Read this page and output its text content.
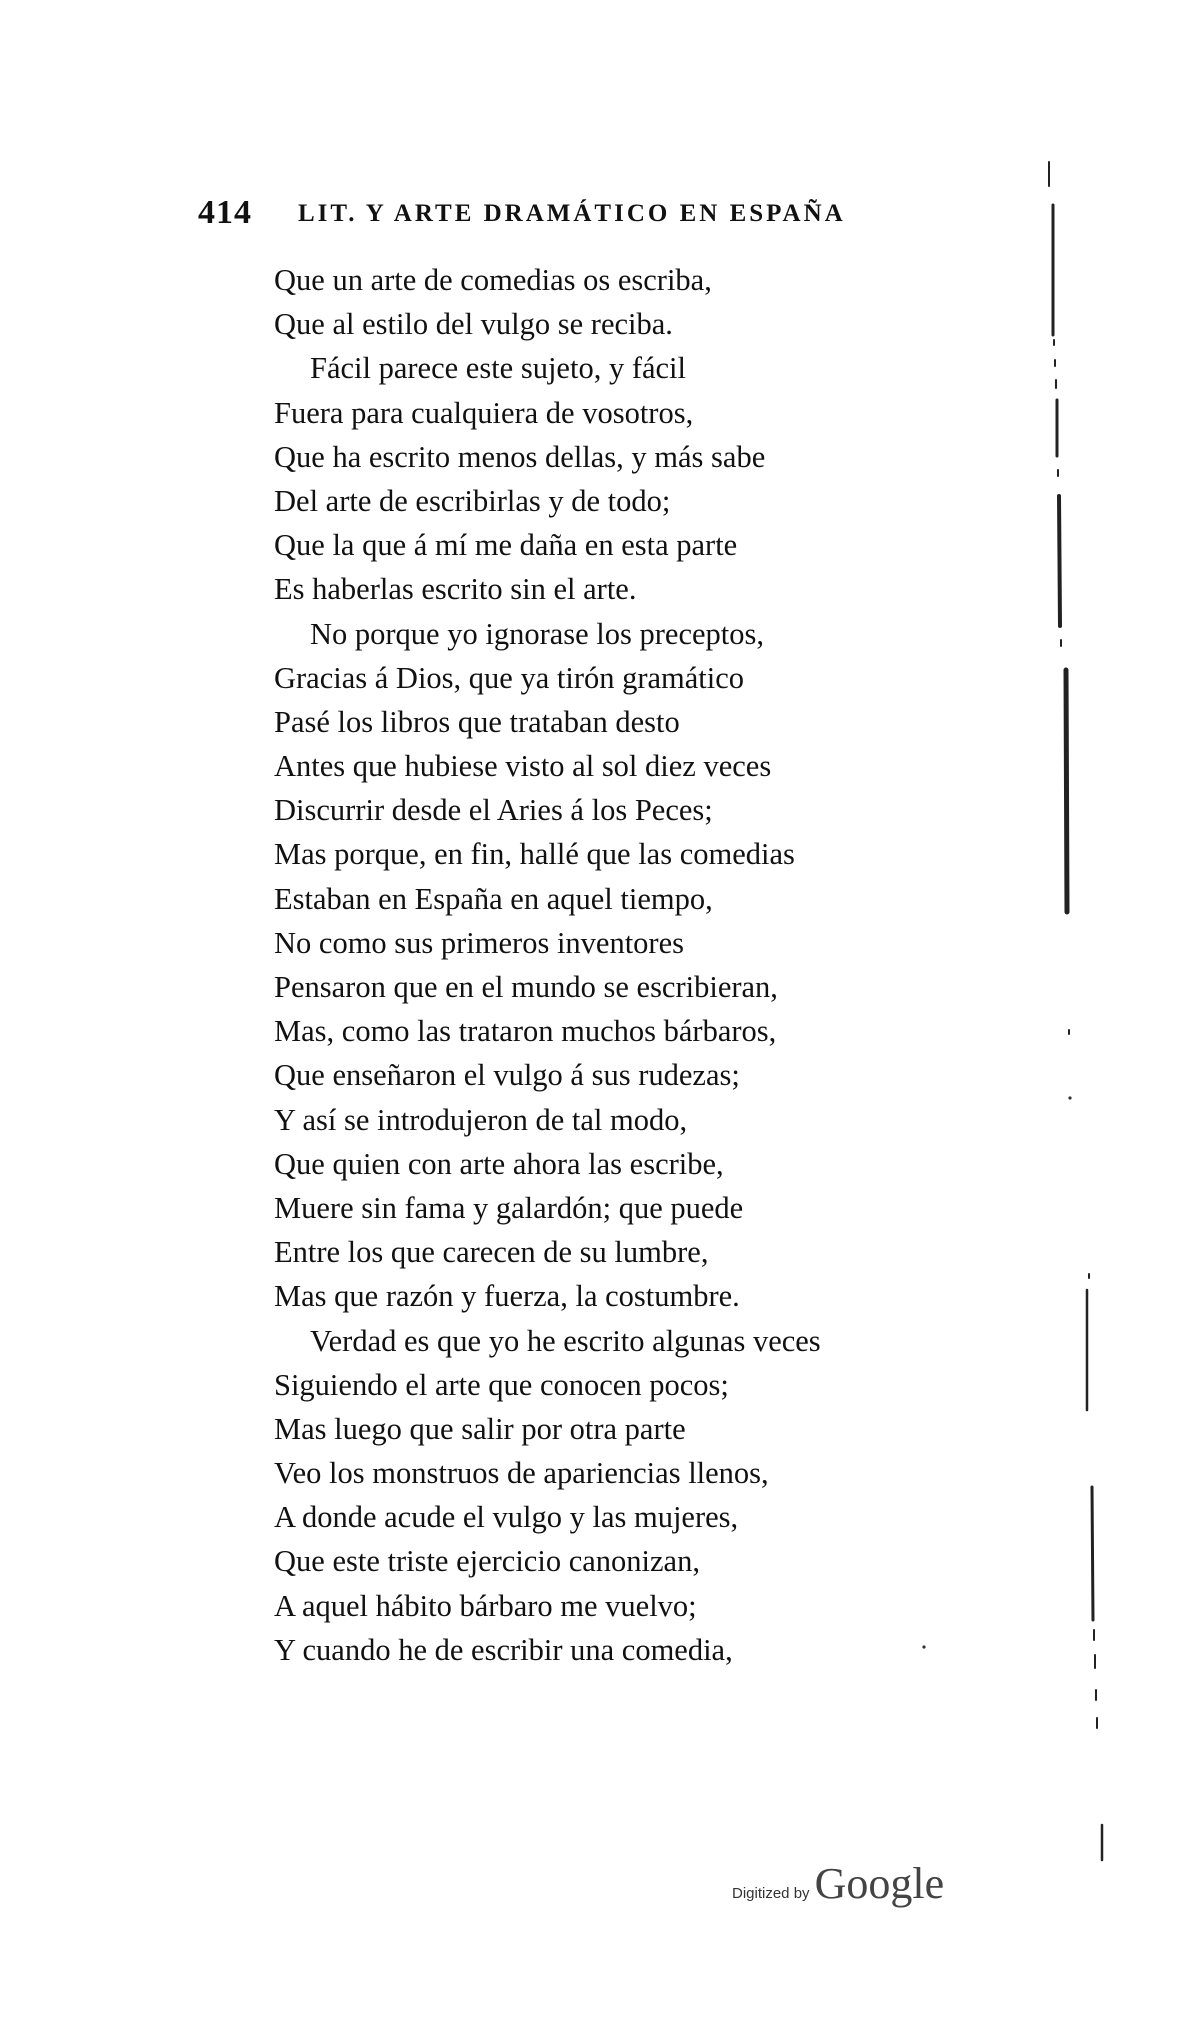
414 LIT. Y ARTE DRAMÁTICO EN ESPAÑA
Que un arte de comedias os escriba,
Que al estilo del vulgo se reciba.
Fácil parece este sujeto, y fácil
Fuera para cualquiera de vosotros,
Que ha escrito menos dellas, y más sabe
Del arte de escribirlas y de todo;
Que la que á mí me daña en esta parte
Es haberlas escrito sin el arte.
No porque yo ignorase los preceptos,
Gracias á Dios, que ya tirón gramático
Pasé los libros que trataban desto
Antes que hubiese visto al sol diez veces
Discurrir desde el Aries á los Peces;
Mas porque, en fin, hallé que las comedias
Estaban en España en aquel tiempo,
No como sus primeros inventores
Pensaron que en el mundo se escribieran,
Mas, como las trataron muchos bárbaros,
Que enseñaron el vulgo á sus rudezas;
Y así se introdujeron de tal modo,
Que quien con arte ahora las escribe,
Muere sin fama y galardón; que puede
Entre los que carecen de su lumbre,
Mas que razón y fuerza, la costumbre.
Verdad es que yo he escrito algunas veces
Siguiendo el arte que conocen pocos;
Mas luego que salir por otra parte
Veo los monstruos de apariencias llenos,
A donde acude el vulgo y las mujeres,
Que este triste ejercicio canonizan,
A aquel hábito bárbaro me vuelvo;
Y cuando he de escribir una comedia,
Digitized by Google
